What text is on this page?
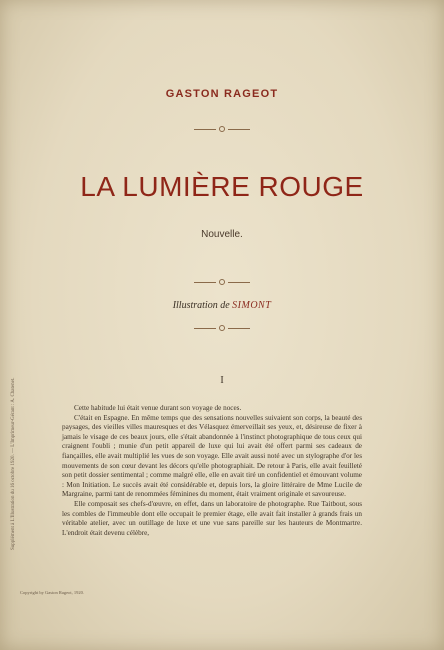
Supplément à L'Illustration du 16 octobre 1920. — L'Imprimeur-Gérant : A. Chatenet.
GASTON RAGEOT
LA LUMIÈRE ROUGE
Nouvelle.
Illustration de SIMONT
I

Cette habitude lui était venue durant son voyage de noces.

C'était en Espagne. En même temps que des sensations nouvelles suivaient son corps, la beauté des paysages, des vieilles villes mauresques et des Vélasquez émerveillait ses yeux, et, désireuse de fixer à jamais le visage de ces beaux jours, elle s'était abandonnée à l'instinct photographique de tous ceux qui craignent l'oubli ; munie d'un petit appareil de luxe qui lui avait été offert parmi ses cadeaux de fiançailles, elle avait multiplié les vues de son voyage. Elle avait aussi noté avec un stylographe d'or les mouvements de son cœur devant les décors qu'elle photographiait. De retour à Paris, elle avait feuilleté son petit dossier sentimental ; comme malgré elle, elle en avait tiré un confidentiel et émouvant volume : Mon Initiation. Le succès avait été considérable et, depuis lors, la gloire littéraire de Mme Lucile de Margraine, parmi tant de renommées féminines du moment, était vraiment originale et savoureuse.

Elle composait ses chefs-d'œuvre, en effet, dans un laboratoire de photographe. Rue Taitbout, sous les combles de l'immeuble dont elle occupait le premier étage, elle avait fait installer à grands frais un véritable atelier, avec un outillage de luxe et une vue sans pareille sur les hauteurs de Montmartre. L'endroit était devenu célèbre,

Copyright by Gaston Rageot, 1920.
